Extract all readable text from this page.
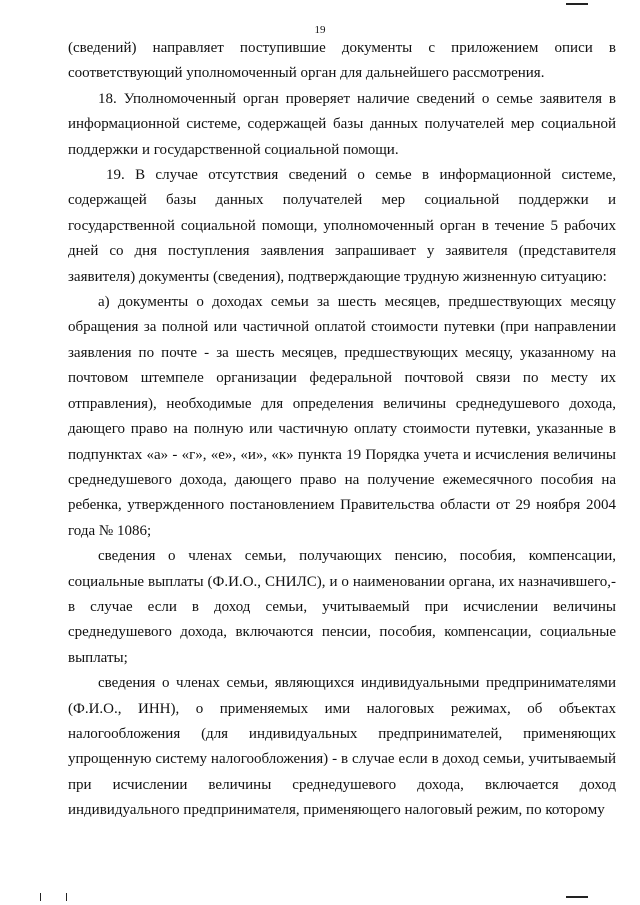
19

(сведений) направляет поступившие документы с приложением описи в соответствующий уполномоченный орган для дальнейшего рассмотрения.

18. Уполномоченный орган проверяет наличие сведений о семье заявителя в информационной системе, содержащей базы данных получателей мер социальной поддержки и государственной социальной помощи.

19. В случае отсутствия сведений о семье в информационной системе, содержащей базы данных получателей мер социальной поддержки и государственной социальной помощи, уполномоченный орган в течение 5 рабочих дней со дня поступления заявления запрашивает у заявителя (представителя заявителя) документы (сведения), подтверждающие трудную жизненную ситуацию:

а) документы о доходах семьи за шесть месяцев, предшествующих месяцу обращения за полной или частичной оплатой стоимости путевки (при направлении заявления по почте - за шесть месяцев, предшествующих месяцу, указанному на почтовом штемпеле организации федеральной почтовой связи по месту их отправления), необходимые для определения величины среднедушевого дохода, дающего право на полную или частичную оплату стоимости путевки, указанные в подпунктах «а» - «г», «е», «и», «к» пункта 19 Порядка учета и исчисления величины среднедушевого дохода, дающего право на получение ежемесячного пособия на ребенка, утвержденного постановлением Правительства области от 29 ноября 2004 года № 1086;

сведения о членах семьи, получающих пенсию, пособия, компенсации, социальные выплаты (Ф.И.О., СНИЛС), и о наименовании органа, их назначившего,- в случае если в доход семьи, учитываемый при исчислении величины среднедушевого дохода, включаются пенсии, пособия, компенсации, социальные выплаты;

сведения о членах семьи, являющихся индивидуальными предпринимателями (Ф.И.О., ИНН), о применяемых ими налоговых режимах, об объектах налогообложения (для индивидуальных предпринимателей, применяющих упрощенную систему налогообложения) - в случае если в доход семьи, учитываемый при исчислении величины среднедушевого дохода, включается доход индивидуального предпринимателя, применяющего налоговый режим, по которому
